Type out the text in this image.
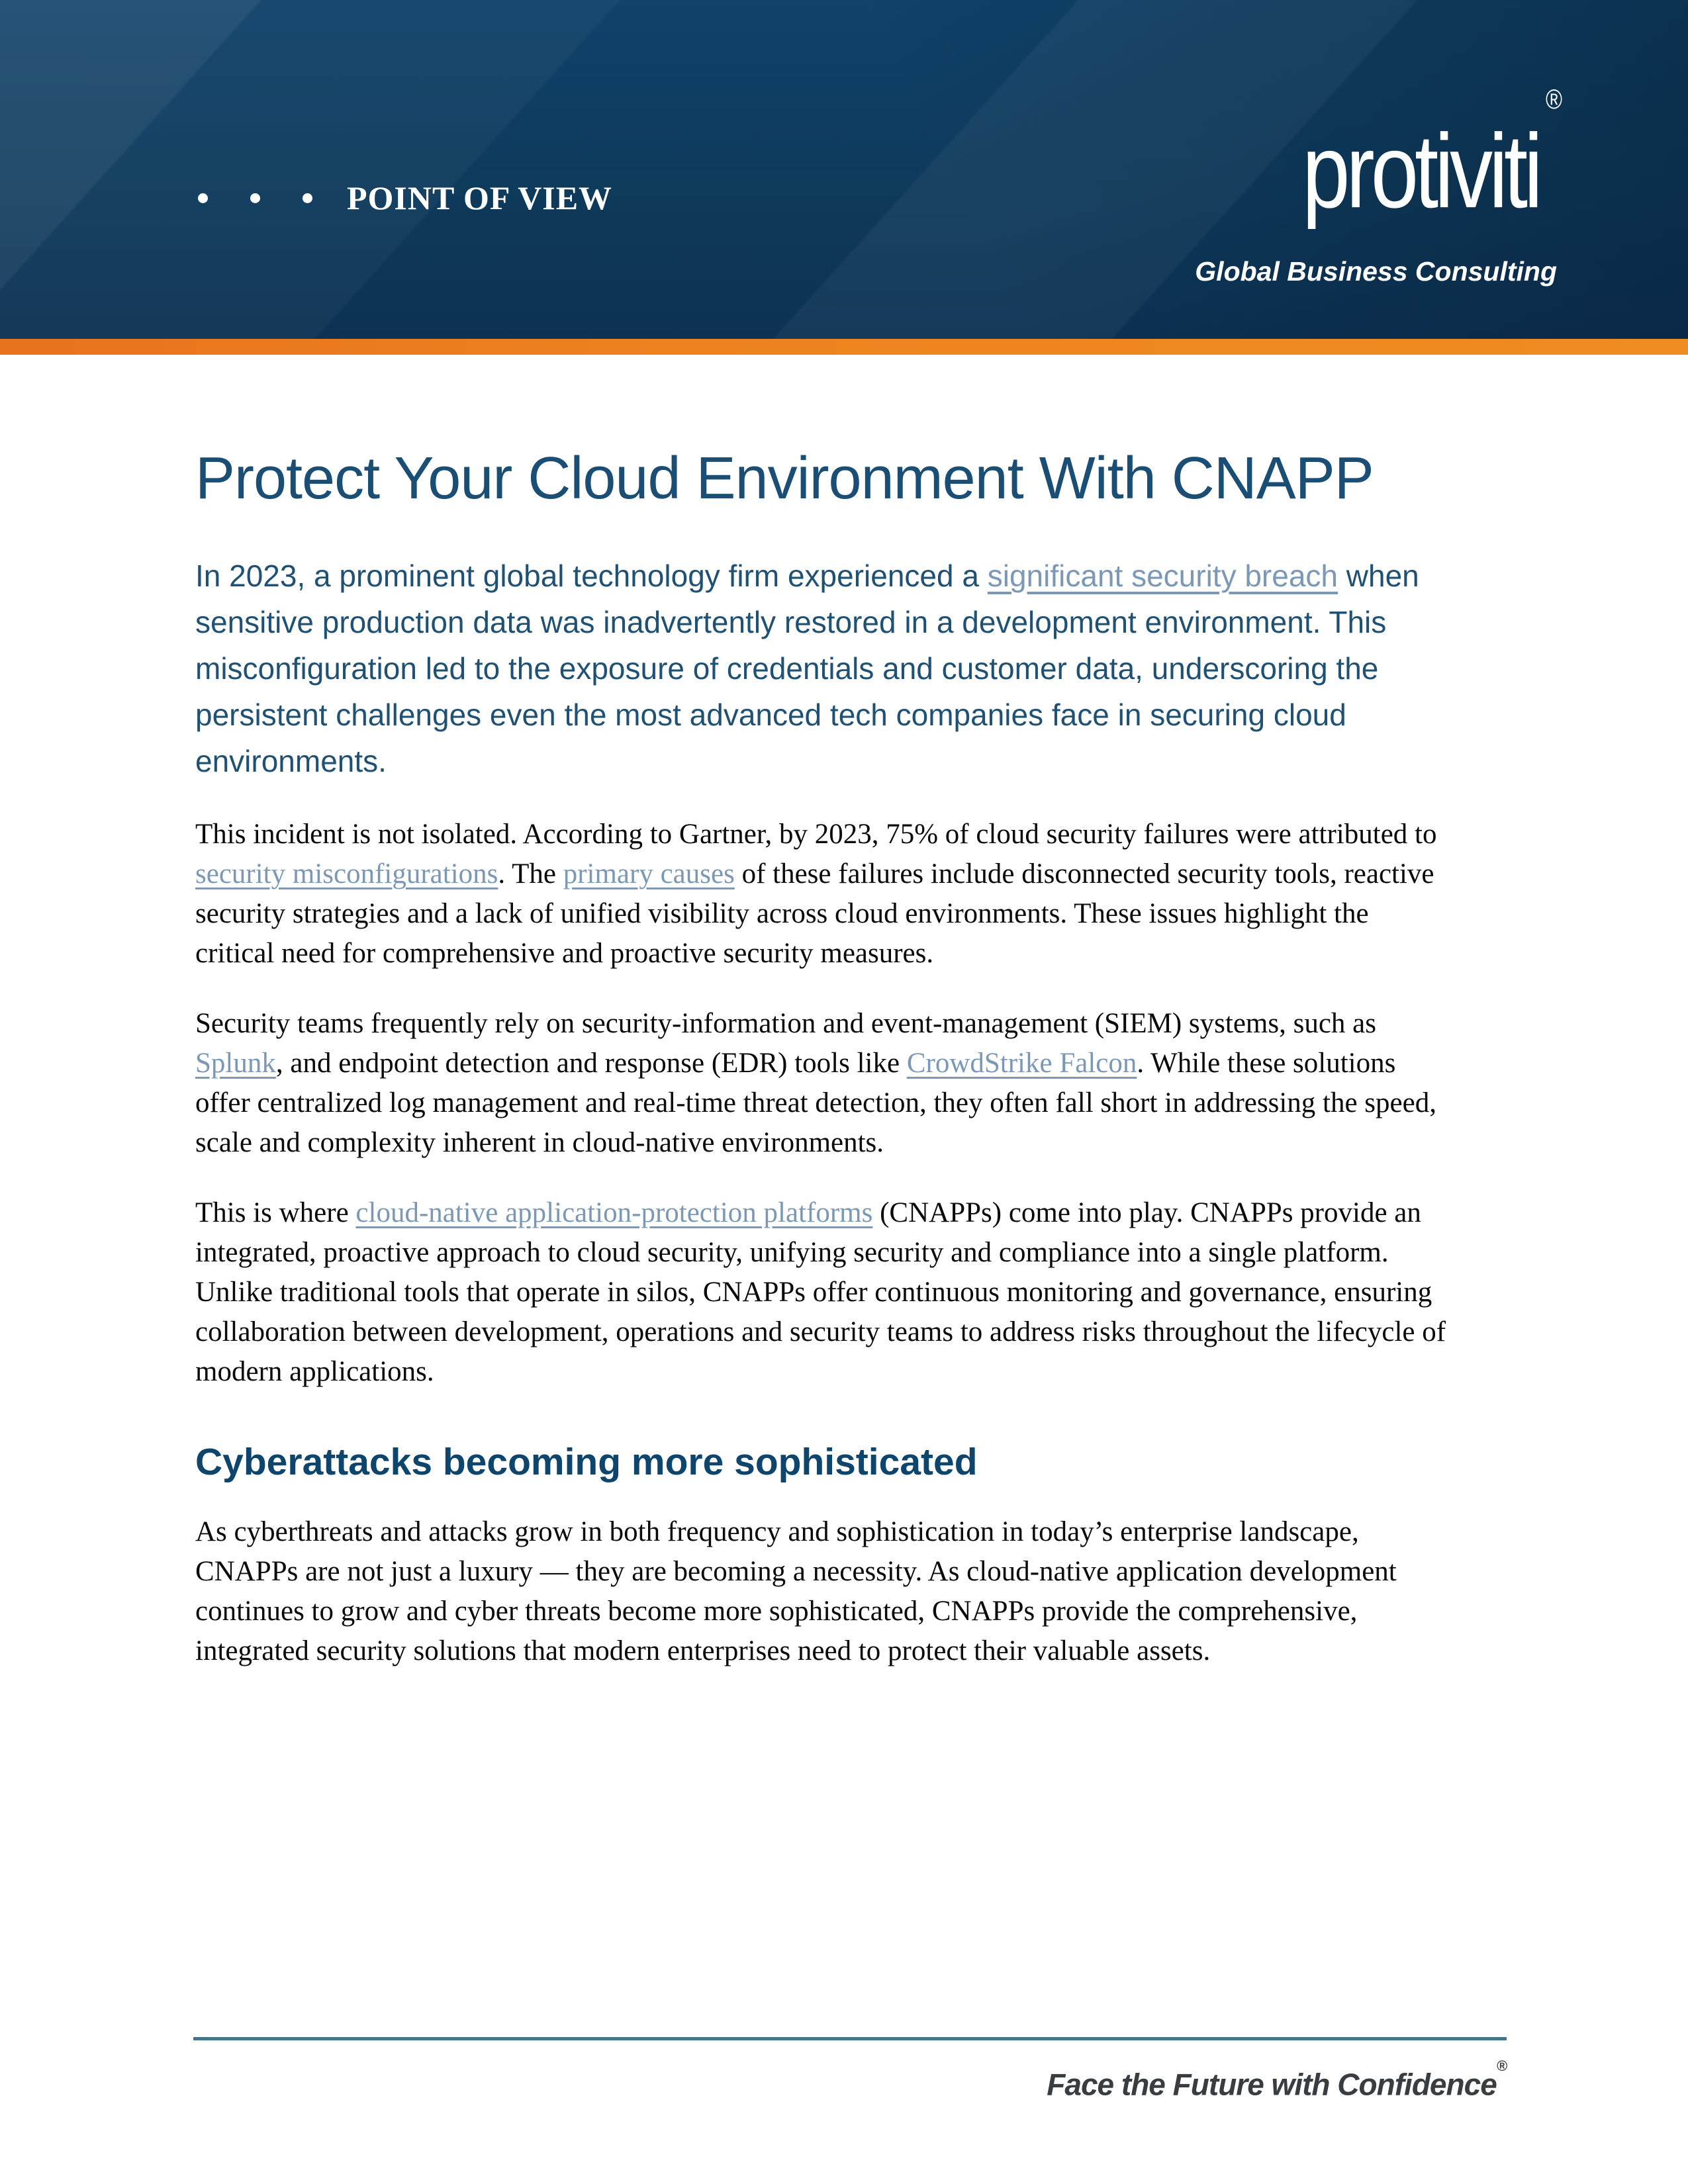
POINT OF VIEW	protiviti®
Global Business Consulting
Protect Your Cloud Environment With CNAPP

In 2023, a prominent global technology firm experienced a significant security breach when sensitive production data was inadvertently restored in a development environment. This misconfiguration led to the exposure of credentials and customer data, underscoring the persistent challenges even the most advanced tech companies face in securing cloud environments.

This incident is not isolated. According to Gartner, by 2023, 75% of cloud security failures were attributed to security misconfigurations. The primary causes of these failures include disconnected security tools, reactive security strategies and a lack of unified visibility across cloud environments. These issues highlight the critical need for comprehensive and proactive security measures.

Security teams frequently rely on security-information and event-management (SIEM) systems, such as Splunk, and endpoint detection and response (EDR) tools like CrowdStrike Falcon. While these solutions offer centralized log management and real-time threat detection, they often fall short in addressing the speed, scale and complexity inherent in cloud-native environments.

This is where cloud-native application-protection platforms (CNAPPs) come into play. CNAPPs provide an integrated, proactive approach to cloud security, unifying security and compliance into a single platform. Unlike traditional tools that operate in silos, CNAPPs offer continuous monitoring and governance, ensuring collaboration between development, operations and security teams to address risks throughout the lifecycle of modern applications.

Cyberattacks becoming more sophisticated

As cyberthreats and attacks grow in both frequency and sophistication in today’s enterprise landscape, CNAPPs are not just a luxury — they are becoming a necessity. As cloud-native application development continues to grow and cyber threats become more sophisticated, CNAPPs provide the comprehensive, integrated security solutions that modern enterprises need to protect their valuable assets.

Face the Future with Confidence®
